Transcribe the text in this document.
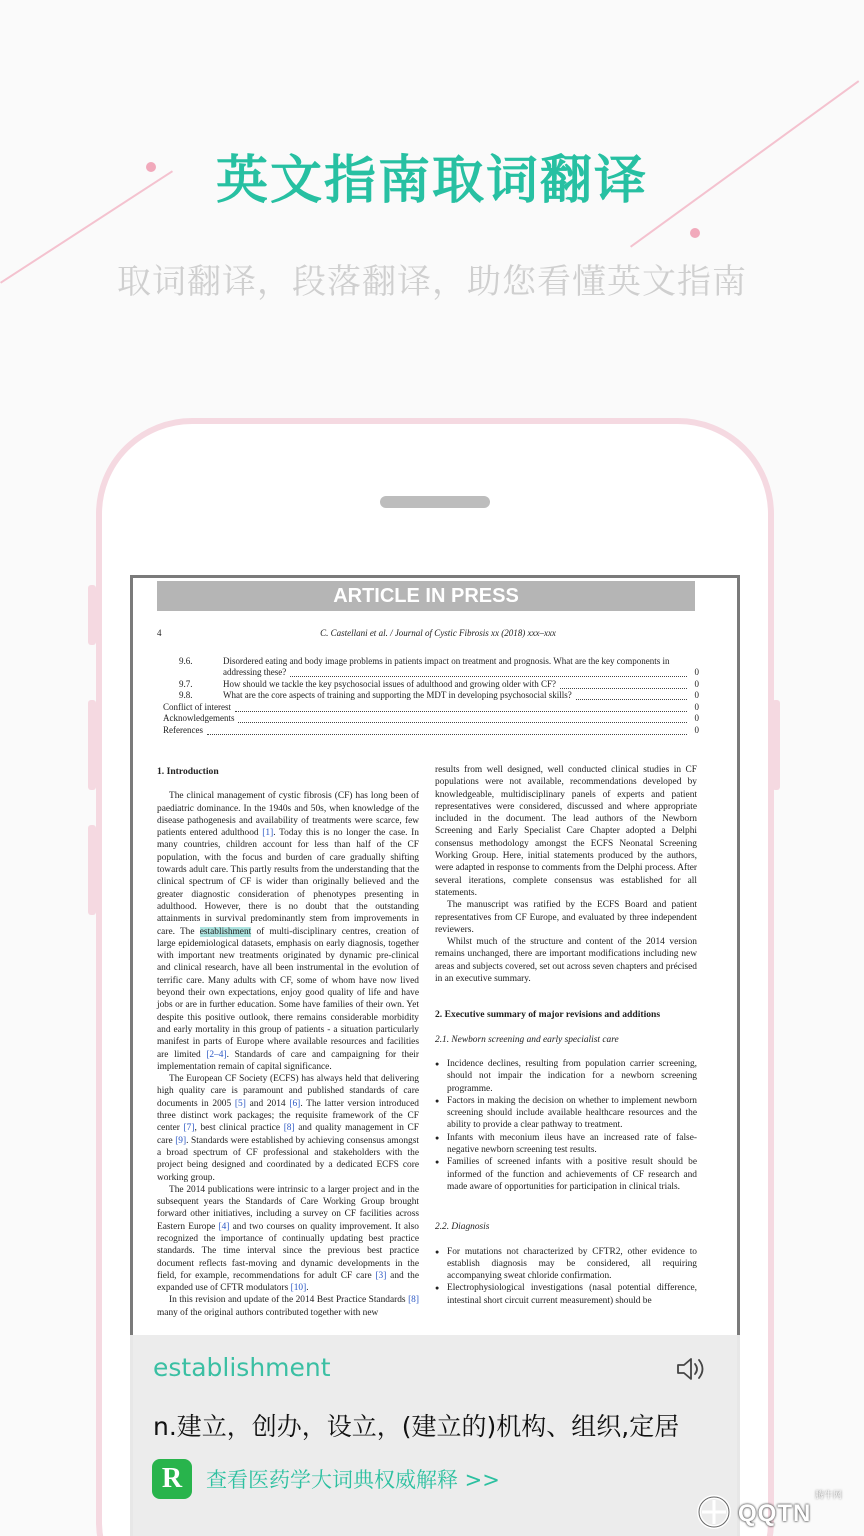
英文指南取词翻译
取词翻译，段落翻译，助您看懂英文指南
ARTICLE IN PRESS
C. Castellani et al. / Journal of Cystic Fibrosis xx (2018) xxx–xxx
4
9.6.	Disordered eating and body image problems in patients impact on treatment and prognosis. What are the key components in
addressing these?	0
9.7.	How should we tackle the key psychosocial issues of adulthood and growing older with CF?	0
9.8.	What are the core aspects of training and supporting the MDT in developing psychosocial skills?	0
Conflict of interest	0
Acknowledgements	0
References	0
1. Introduction

The clinical management of cystic fibrosis (CF) has long been of paediatric dominance. In the 1940s and 50s, when knowledge of the disease pathogenesis and availability of treatments were scarce, few patients entered adulthood [1]. Today this is no longer the case. In many countries, children account for less than half of the CF population, with the focus and burden of care gradually shifting towards adult care. This partly results from the understanding that the clinical spectrum of CF is wider than originally believed and the greater diagnostic consideration of phenotypes presenting in adulthood. However, there is no doubt that the outstanding attainments in survival predominantly stem from improvements in care. The establishment of multi-disciplinary centres, creation of large epidemiological datasets, emphasis on early diagnosis, together with important new treatments originated by dynamic pre-clinical and clinical research, have all been instrumental in the evolution of terrific care. Many adults with CF, some of whom have now lived beyond their own expectations, enjoy good quality of life and have jobs or are in further education. Some have families of their own. Yet despite this positive outlook, there remains considerable morbidity and early mortality in this group of patients - a situation particularly manifest in parts of Europe where available resources and facilities are limited [2–4]. Standards of care and campaigning for their implementation remain of capital significance.

The European CF Society (ECFS) has always held that delivering high quality care is paramount and published standards of care documents in 2005 [5] and 2014 [6]. The latter version introduced three distinct work packages; the requisite framework of the CF center [7], best clinical practice [8] and quality management in CF care [9]. Standards were established by achieving consensus amongst a broad spectrum of CF professional and stakeholders with the project being designed and coordinated by a dedicated ECFS core working group.

The 2014 publications were intrinsic to a larger project and in the subsequent years the Standards of Care Working Group brought forward other initiatives, including a survey on CF facilities across Eastern Europe [4] and two courses on quality improvement. It also recognized the importance of continually updating best practice standards. The time interval since the previous best practice document reflects fast-moving and dynamic developments in the field, for example, recommendations for adult CF care [3] and the expanded use of CFTR modulators [10].

In this revision and update of the 2014 Best Practice Standards [8] many of the original authors contributed together with new

results from well designed, well conducted clinical studies in CF populations were not available, recommendations developed by knowledgeable, multidisciplinary panels of experts and patient representatives were considered, discussed and where appropriate included in the document. The lead authors of the Newborn Screening and Early Specialist Care Chapter adopted a Delphi consensus methodology amongst the ECFS Neonatal Screening Working Group. Here, initial statements produced by the authors, were adapted in response to comments from the Delphi process. After several iterations, complete consensus was established for all statements.

The manuscript was ratified by the ECFS Board and patient representatives from CF Europe, and evaluated by three independent reviewers.

Whilst much of the structure and content of the 2014 version remains unchanged, there are important modifications including new areas and subjects covered, set out across seven chapters and précised in an executive summary.

2. Executive summary of major revisions and additions
2.1. Newborn screening and early specialist care
● Incidence declines, resulting from population carrier screening, should not impair the indication for a newborn screening programme.
● Factors in making the decision on whether to implement newborn screening should include available healthcare resources and the ability to provide a clear pathway to treatment.
● Infants with meconium ileus have an increased rate of false-negative newborn screening test results.
● Families of screened infants with a positive result should be informed of the function and achievements of CF research and made aware of opportunities for participation in clinical trials.
2.2. Diagnosis
● For mutations not characterized by CFTR2, other evidence to establish diagnosis may be considered, all requiring accompanying sweat chloride confirmation.
● Electrophysiological investigations (nasal potential difference, intestinal short circuit current measurement) should be
establishment
n.建立，创办，设立，(建立的)机构、组织,定居
R	查看医药学大词典权威解释 >>
QQTN
腾牛网
